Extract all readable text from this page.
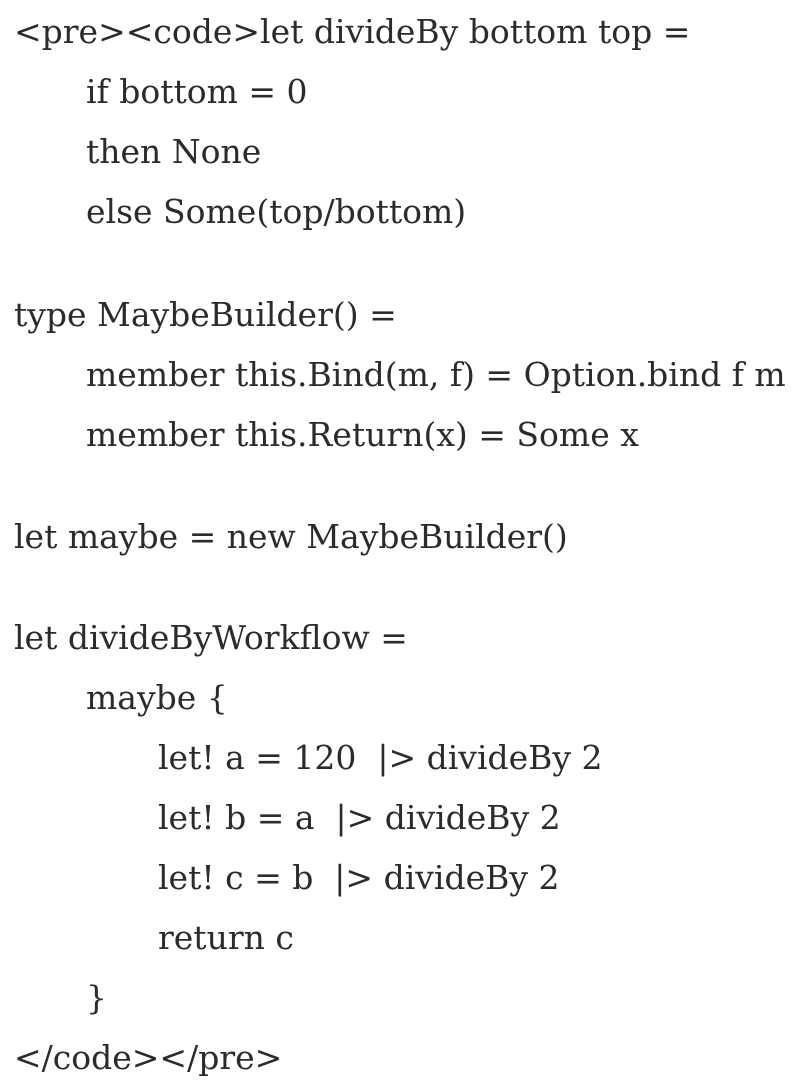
<pre><code>let divideBy bottom top =
if bottom = 0
then None
else Some(top/bottom)
type MaybeBuilder() =
member this.Bind(m, f) = Option.bind f m
member this.Return(x) = Some x
let maybe = new MaybeBuilder()
let divideByWorkflow =
maybe {
let! a = 120  |> divideBy 2
let! b = a  |> divideBy 2
let! c = b  |> divideBy 2
return c
}
</code></pre>
